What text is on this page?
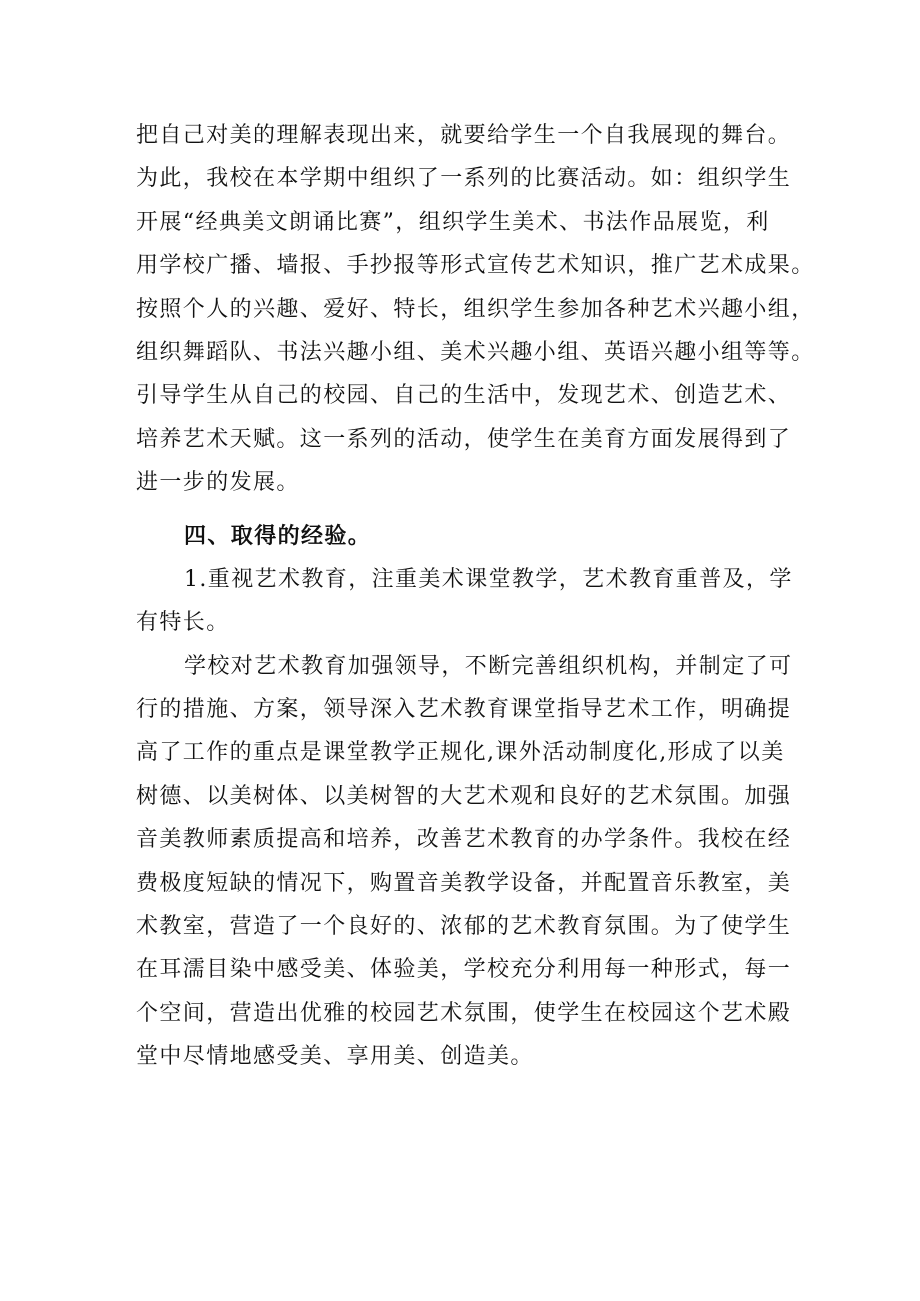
把自己对美的理解表现出来，就要给学生一个自我展现的舞台。
为此，我校在本学期中组织了一系列的比赛活动。如：组织学生
开展“经典美文朗诵比赛”，组织学生美术、书法作品展览，利
用学校广播、墙报、手抄报等形式宣传艺术知识，推广艺术成果。
按照个人的兴趣、爱好、特长，组织学生参加各种艺术兴趣小组，
组织舞蹈队、书法兴趣小组、美术兴趣小组、英语兴趣小组等等。
引导学生从自己的校园、自己的生活中，发现艺术、创造艺术、
培养艺术天赋。这一系列的活动，使学生在美育方面发展得到了
进一步的发展。
四、取得的经验。
1.重视艺术教育，注重美术课堂教学，艺术教育重普及，学
有特长。
学校对艺术教育加强领导，不断完善组织机构，并制定了可
行的措施、方案，领导深入艺术教育课堂指导艺术工作，明确提
高了工作的重点是课堂教学正规化,课外活动制度化,形成了以美
树德、以美树体、以美树智的大艺术观和良好的艺术氛围。加强
音美教师素质提高和培养，改善艺术教育的办学条件。我校在经
费极度短缺的情况下，购置音美教学设备，并配置音乐教室，美
术教室，营造了一个良好的、浓郁的艺术教育氛围。为了使学生
在耳濡目染中感受美、体验美，学校充分利用每一种形式，每一
个空间，营造出优雅的校园艺术氛围，使学生在校园这个艺术殿
堂中尽情地感受美、享用美、创造美。
